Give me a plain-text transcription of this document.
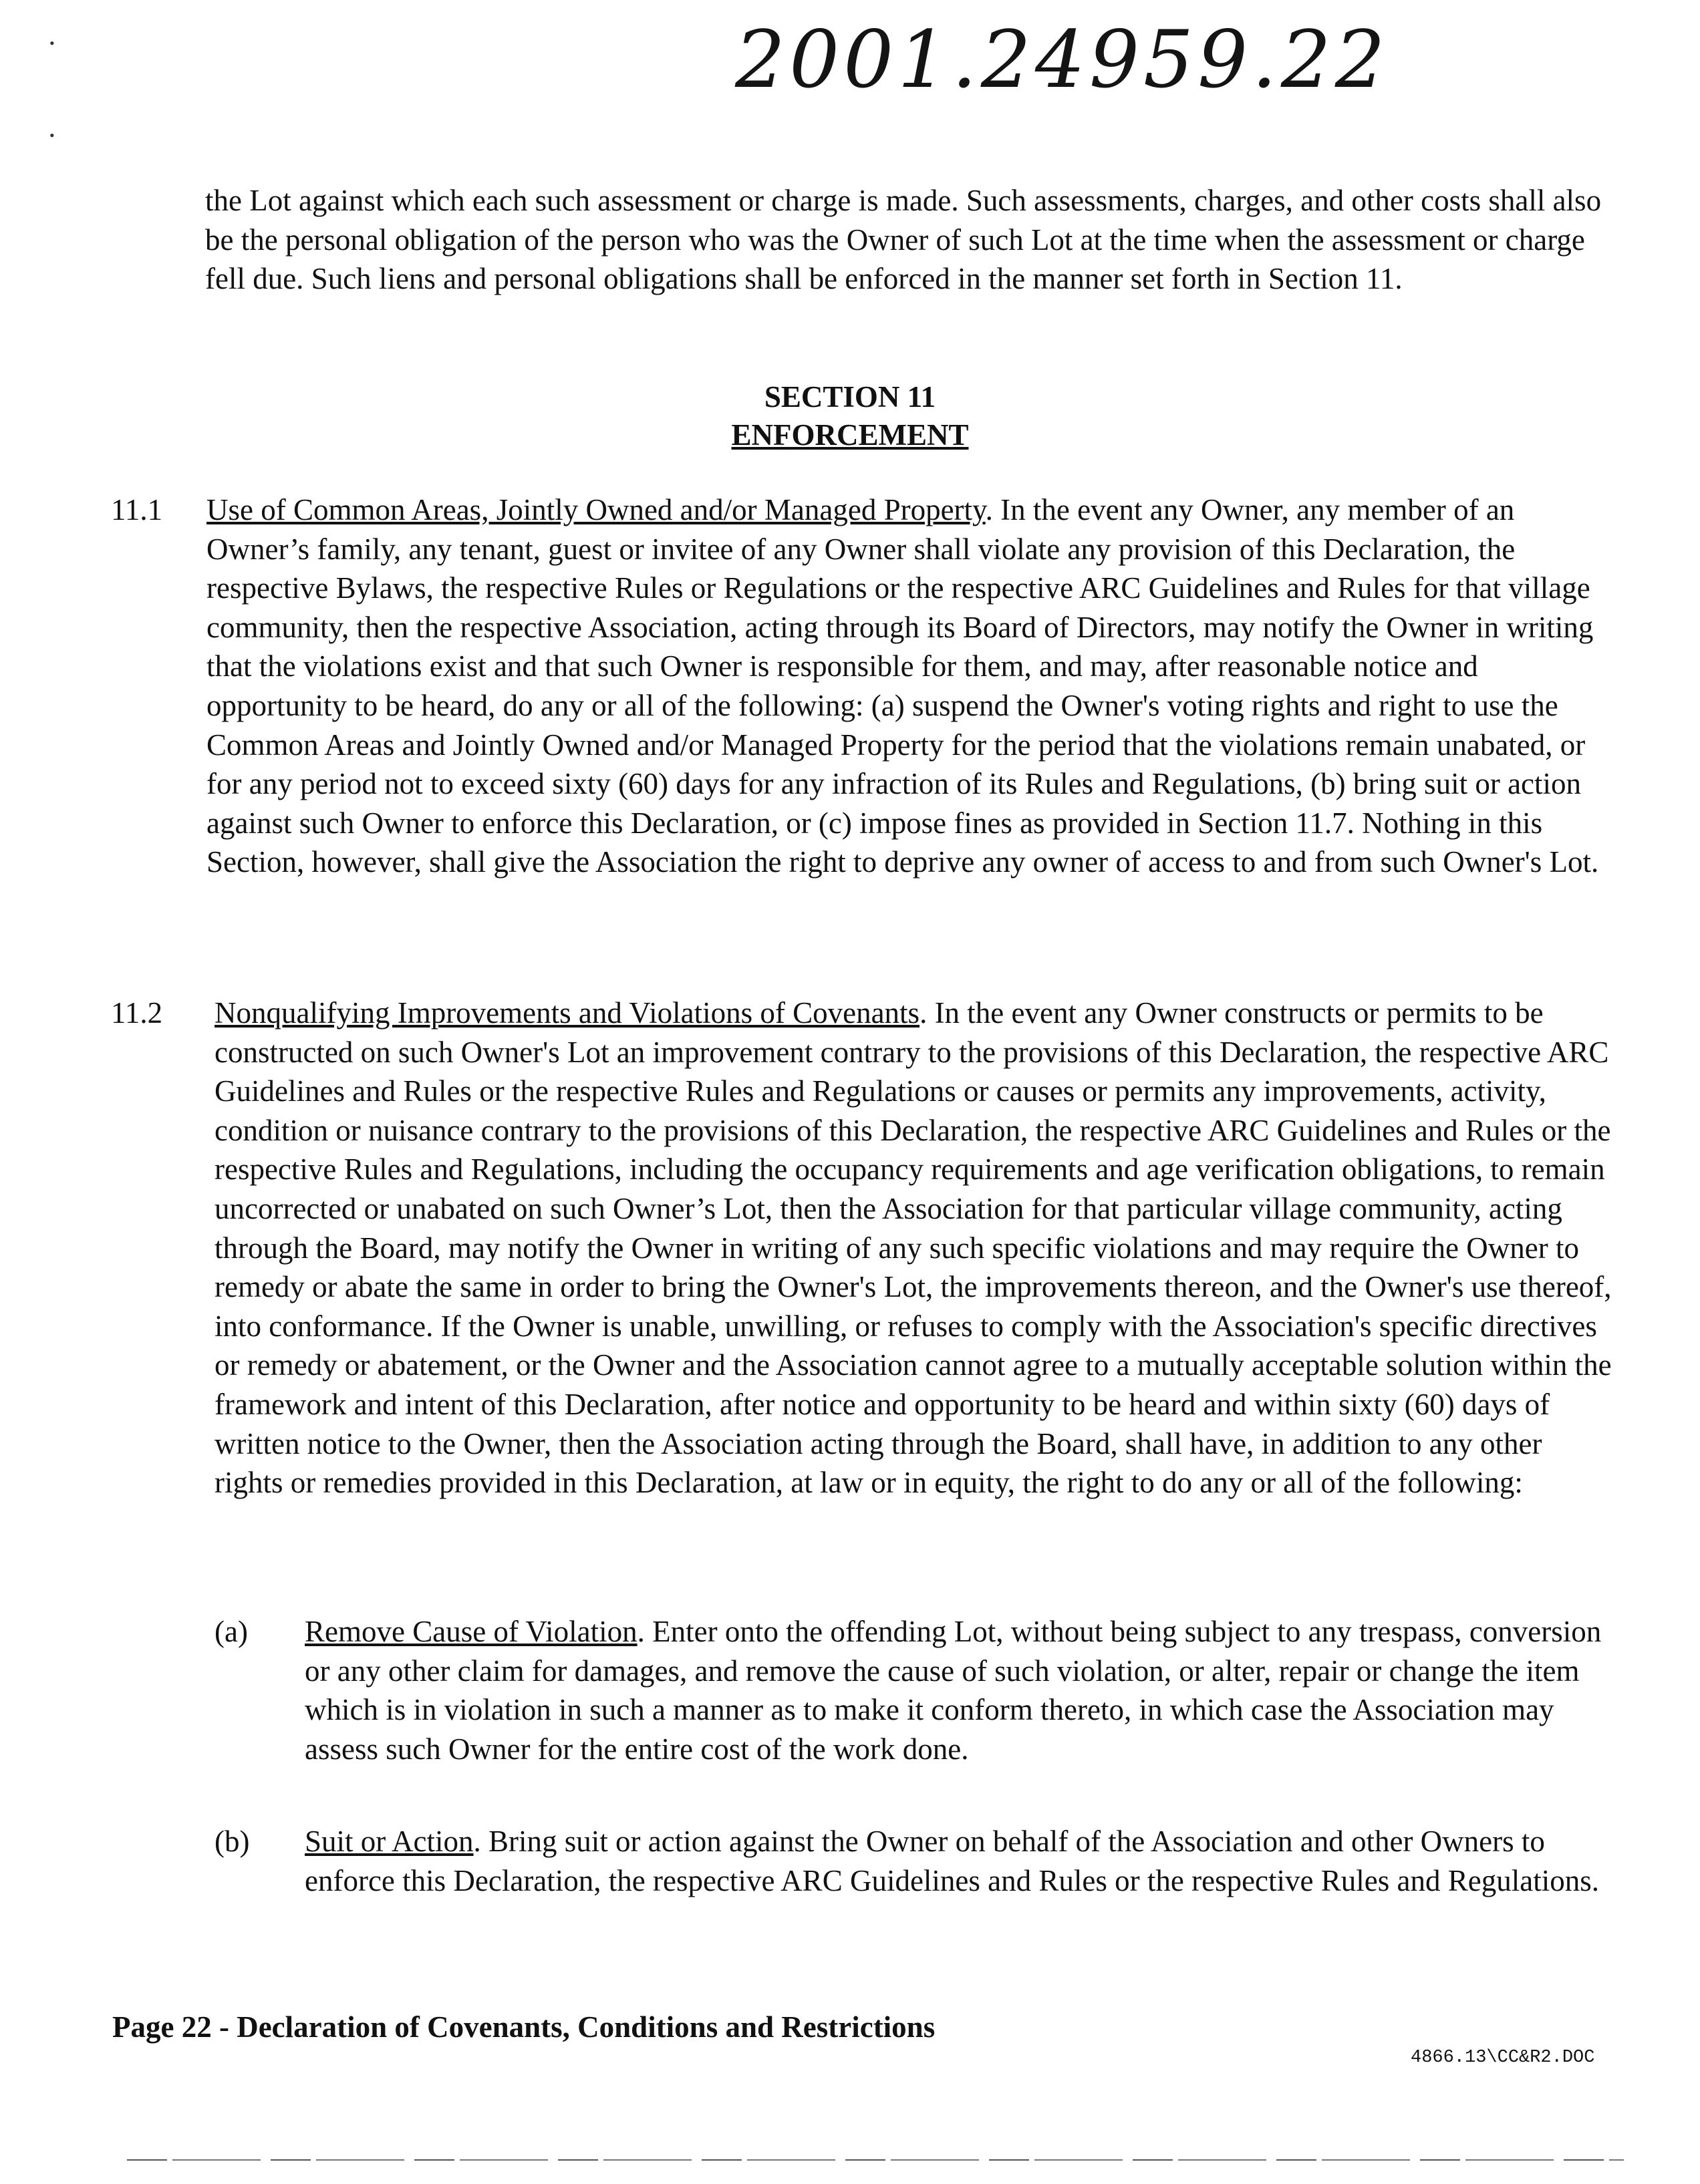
2001.24959.22
•
•
the Lot against which each such assessment or charge is made. Such assessments, charges, and other costs shall also be the personal obligation of the person who was the Owner of such Lot at the time when the assessment or charge fell due. Such liens and personal obligations shall be enforced in the manner set forth in Section 11.
SECTION 11
ENFORCEMENT
11.1 Use of Common Areas, Jointly Owned and/or Managed Property. In the event any Owner, any member of an Owner’s family, any tenant, guest or invitee of any Owner shall violate any provision of this Declaration, the respective Bylaws, the respective Rules or Regulations or the respective ARC Guidelines and Rules for that village community, then the respective Association, acting through its Board of Directors, may notify the Owner in writing that the violations exist and that such Owner is responsible for them, and may, after reasonable notice and opportunity to be heard, do any or all of the following: (a) suspend the Owner's voting rights and right to use the Common Areas and Jointly Owned and/or Managed Property for the period that the violations remain unabated, or for any period not to exceed sixty (60) days for any infraction of its Rules and Regulations, (b) bring suit or action against such Owner to enforce this Declaration, or (c) impose fines as provided in Section 11.7. Nothing in this Section, however, shall give the Association the right to deprive any owner of access to and from such Owner's Lot.
11.2 Nonqualifying Improvements and Violations of Covenants. In the event any Owner constructs or permits to be constructed on such Owner's Lot an improvement contrary to the provisions of this Declaration, the respective ARC Guidelines and Rules or the respective Rules and Regulations or causes or permits any improvements, activity, condition or nuisance contrary to the provisions of this Declaration, the respective ARC Guidelines and Rules or the respective Rules and Regulations, including the occupancy requirements and age verification obligations, to remain uncorrected or unabated on such Owner’s Lot, then the Association for that particular village community, acting through the Board, may notify the Owner in writing of any such specific violations and may require the Owner to remedy or abate the same in order to bring the Owner's Lot, the improvements thereon, and the Owner's use thereof, into conformance. If the Owner is unable, unwilling, or refuses to comply with the Association's specific directives or remedy or abatement, or the Owner and the Association cannot agree to a mutually acceptable solution within the framework and intent of this Declaration, after notice and opportunity to be heard and within sixty (60) days of written notice to the Owner, then the Association acting through the Board, shall have, in addition to any other rights or remedies provided in this Declaration, at law or in equity, the right to do any or all of the following:
(a) Remove Cause of Violation. Enter onto the offending Lot, without being subject to any trespass, conversion or any other claim for damages, and remove the cause of such violation, or alter, repair or change the item which is in violation in such a manner as to make it conform thereto, in which case the Association may assess such Owner for the entire cost of the work done.
(b) Suit or Action. Bring suit or action against the Owner on behalf of the Association and other Owners to enforce this Declaration, the respective ARC Guidelines and Rules or the respective Rules and Regulations.
Page 22 - Declaration of Covenants, Conditions and Restrictions
4866.13\CC&R2.DOC
